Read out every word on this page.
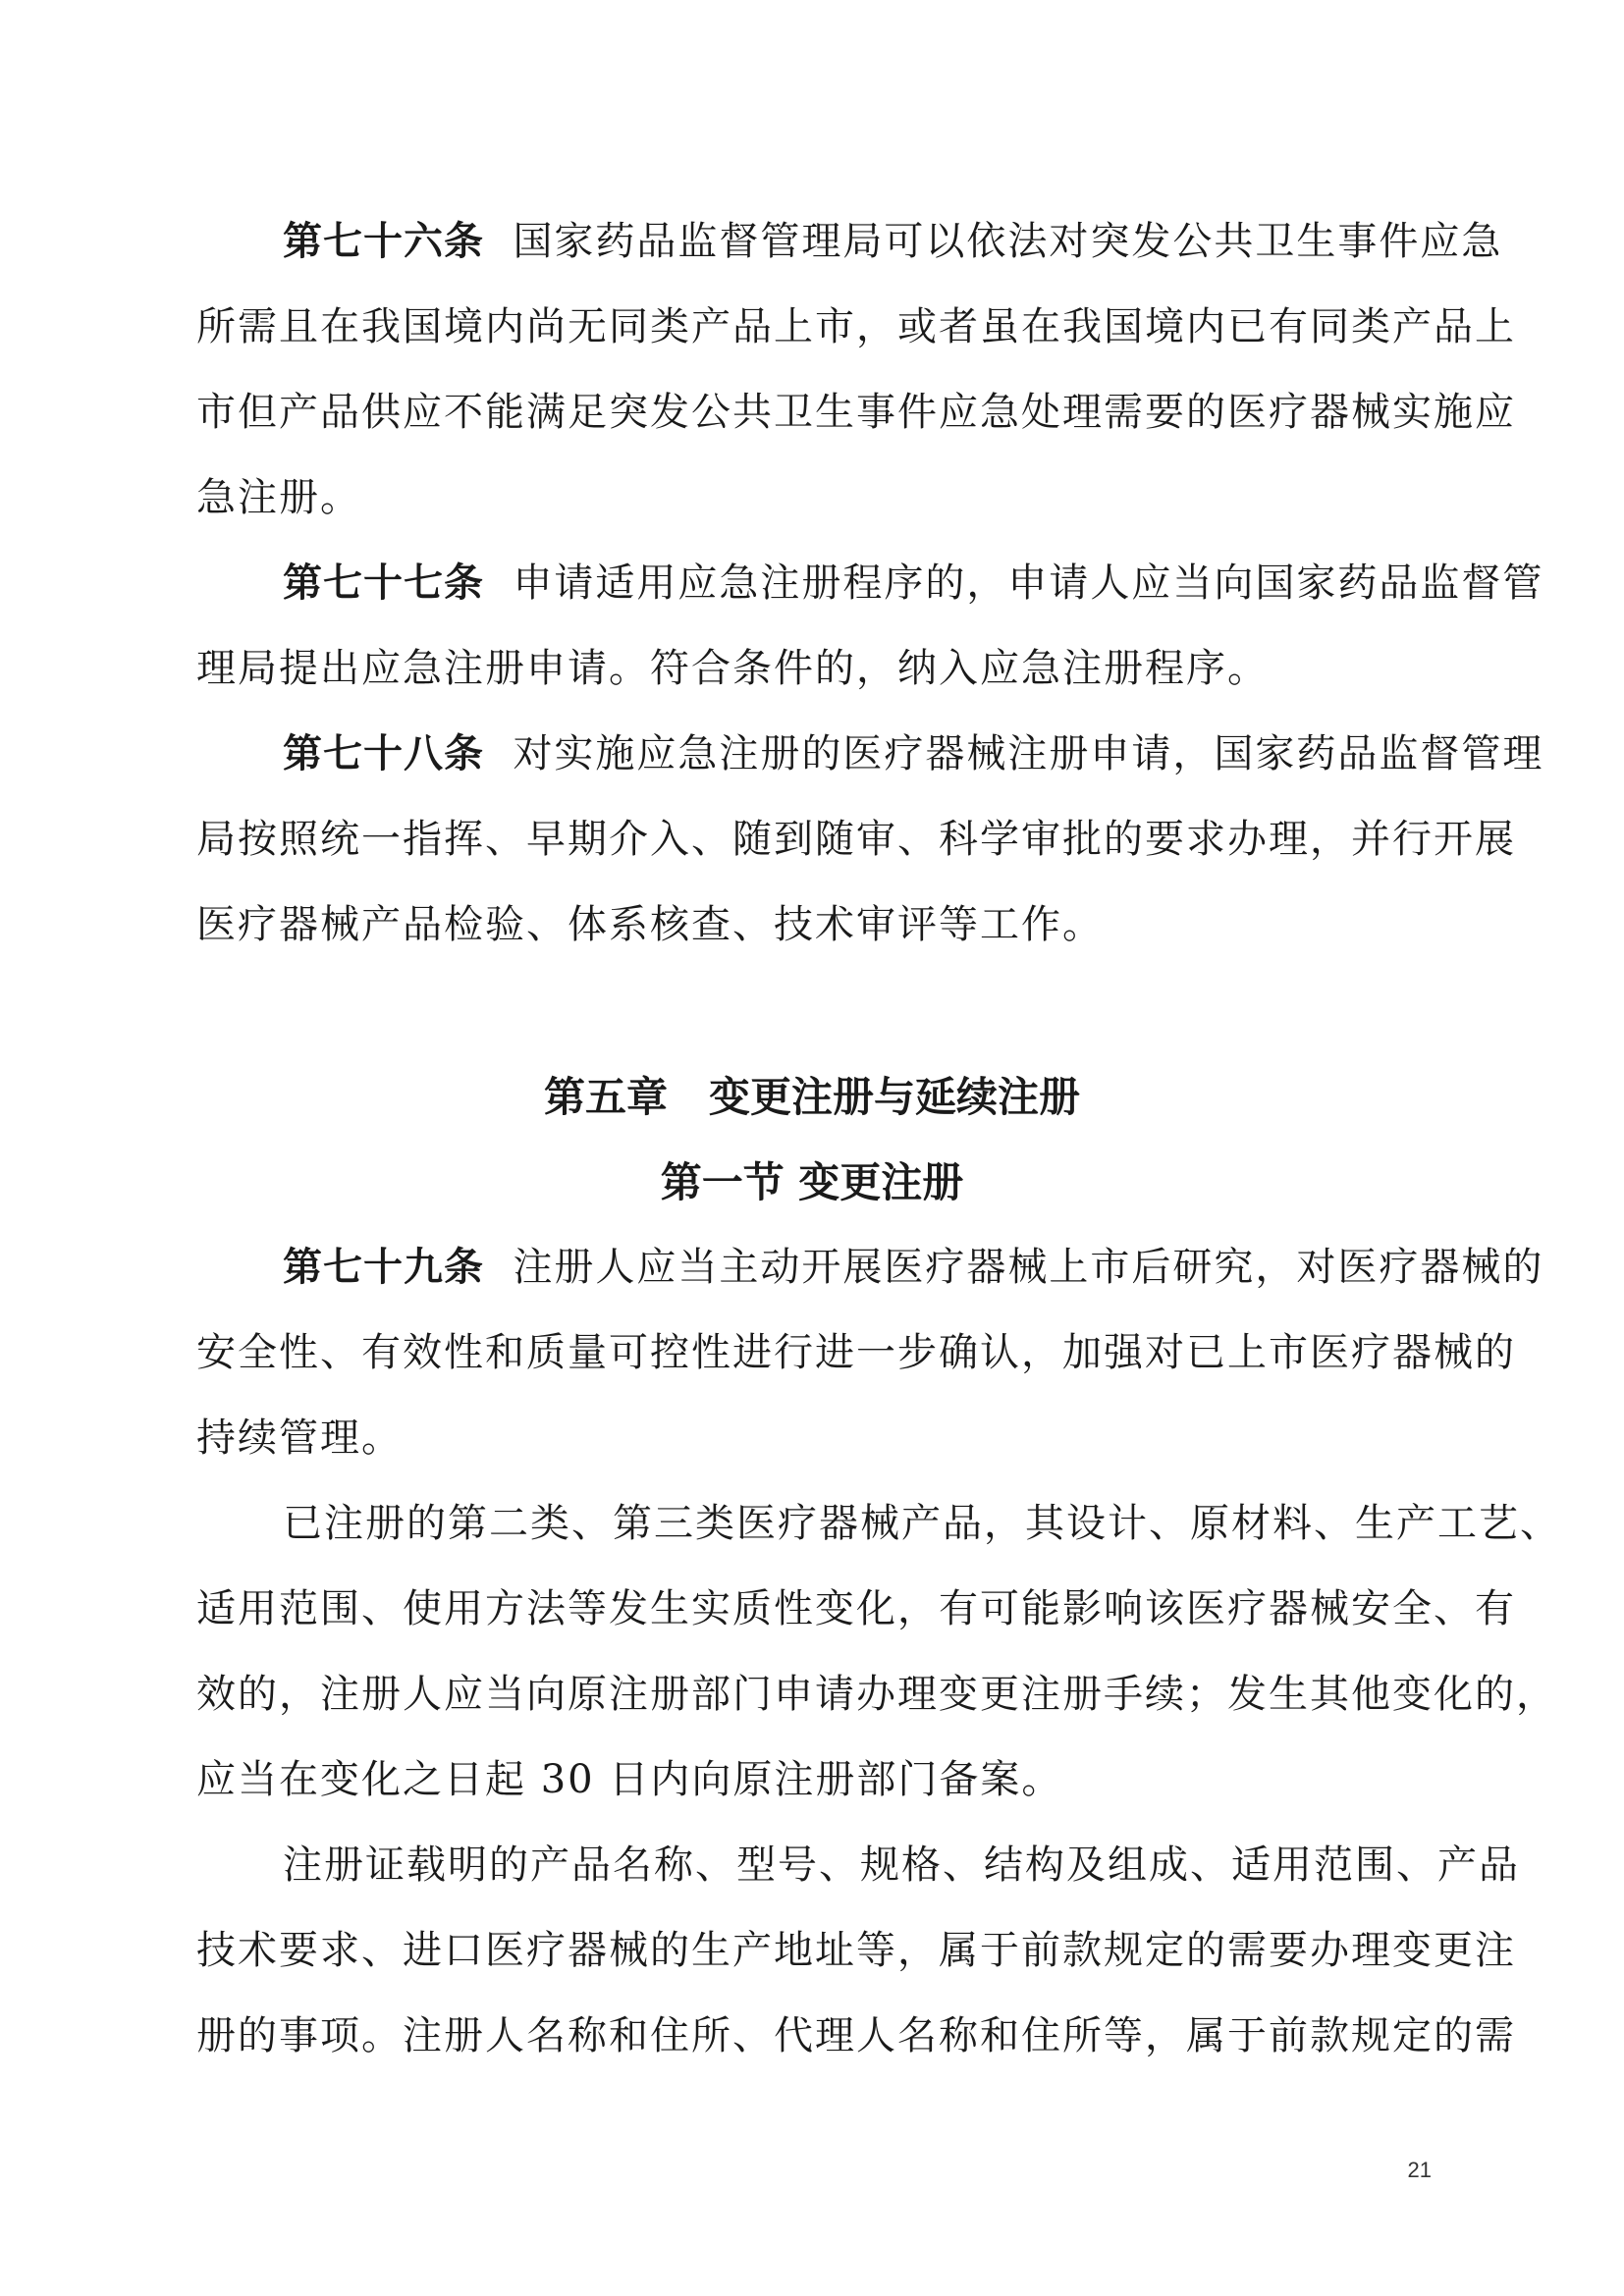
第七十六条 国家药品监督管理局可以依法对突发公共卫生事件应急
所需且在我国境内尚无同类产品上市，或者虽在我国境内已有同类产品上
市但产品供应不能满足突发公共卫生事件应急处理需要的医疗器械实施应
急注册。
第七十七条 申请适用应急注册程序的，申请人应当向国家药品监督管
理局提出应急注册申请。符合条件的，纳入应急注册程序。
第七十八条 对实施应急注册的医疗器械注册申请，国家药品监督管理
局按照统一指挥、早期介入、随到随审、科学审批的要求办理，并行开展
医疗器械产品检验、体系核查、技术审评等工作。
第五章　变更注册与延续注册
第一节 变更注册
第七十九条 注册人应当主动开展医疗器械上市后研究，对医疗器械的
安全性、有效性和质量可控性进行进一步确认，加强对已上市医疗器械的
持续管理。
已注册的第二类、第三类医疗器械产品，其设计、原材料、生产工艺、
适用范围、使用方法等发生实质性变化，有可能影响该医疗器械安全、有
效的，注册人应当向原注册部门申请办理变更注册手续；发生其他变化的，
应当在变化之日起 30 日内向原注册部门备案。
注册证载明的产品名称、型号、规格、结构及组成、适用范围、产品
技术要求、进口医疗器械的生产地址等，属于前款规定的需要办理变更注
册的事项。注册人名称和住所、代理人名称和住所等，属于前款规定的需
21
